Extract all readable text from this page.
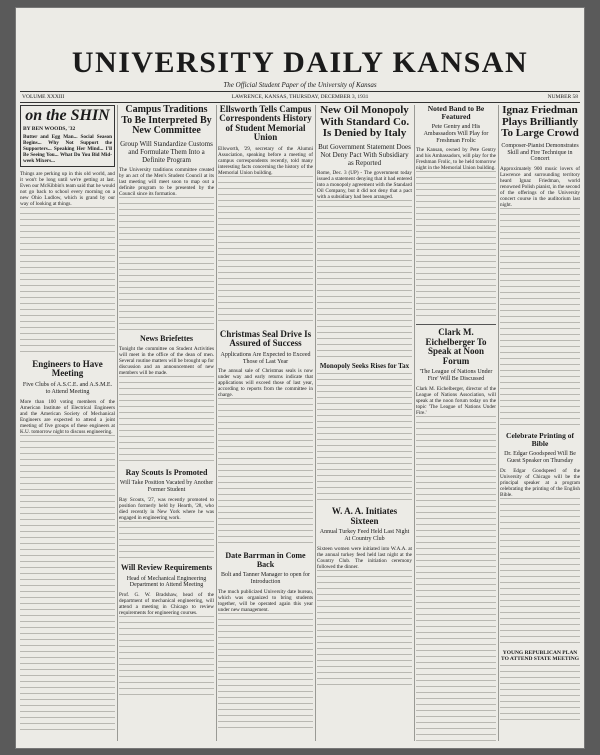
UNIVERSITY DAILY KANSAN
The Official Student Paper of the University of Kansas
VOLUME XXXIII	LAWRENCE, KANSAS, THURSDAY, DECEMBER 3, 1931	NUMBER 58
on the SHIN
BY BEN WOODS, '32

Butter and Egg Man... Social Season Begins... Why Not Support the Supporters... Speaking Her Mind... I'll Be Seeing You... What Do You Bid Mid-week Mixers...

Things are perking up in this old world, and it won't be long until we're getting at last. Even our McKibbin's team said that he would not go back to school every morning on a new Ohio Ludlow, which is grand by our way of looking at things.

Engineers to Have Meeting
Five Clubs of A.S.C.E. and A.S.M.E. to Attend Meeting

More than 100 voting members of the American Institute of Electrical Engineers and the American Society of Mechanical Engineers are expected to attend a joint meeting of five groups of these engineers at K.U. tomorrow night to discuss engineering.

Campus Traditions To Be Interpreted By New Committee
Group Will Standardize Customs and Formulate Them Into a Definite Program

The University traditions committee created by an act of the Men's Student Council at its last meeting will meet soon to map out a definite program to be presented by the Council since its formation.

News Briefettes

Tonight the committee on Student Activities will meet in the office of the dean of men. Several routine matters will be brought up for discussion and an announcement of new members will be made.

Ray Scouts Is Promoted
Will Take Position Vacated by Another Former Student

Ray Scouts, '27, was recently promoted to position formerly held by Hearth, '28, who died recently in New York where he was engaged in engineering work.

Will Review Requirements
Head of Mechanical Engineering Department to Attend Meeting

Prof. G. W. Bradshaw, head of the department of mechanical engineering, will attend a meeting in Chicago to review requirements for engineering courses.

Ellsworth Tells Campus Correspondents History of Student Memorial Union

Ellsworth, '29, secretary of the Alumni Association, speaking before a meeting of campus correspondents recently, told many interesting facts concerning the history of the Memorial Union building.

Christmas Seal Drive Is Assured of Success
Applications Are Expected to Exceed Those of Last Year

The annual sale of Christmas seals is now under way and early returns indicate that applications will exceed those of last year, according to reports from the committee in charge.

Date Barrman in Come Back
Bolt and Tanner Manager to open for Introduction

The much publicized University date bureau, which was organized to bring students together, will be operated again this year under new management.

New Oil Monopoly With Standard Co. Is Denied by Italy
But Government Statement Does Not Deny Pact With Subsidiary as Reported

Rome, Dec. 3 (UP) - The government today issued a statement denying that it had entered into a monopoly agreement with the Standard Oil Company, but it did not deny that a pact with a subsidiary had been arranged.

Monopoly Seeks Rises for Tax
W. A. A. Initiates Sixteen
Annual Turkey Feed Held Last Night At Country Club

Sixteen women were initiated into W.A.A. at the annual turkey feed held last night at the Country Club. The initiation ceremony followed the dinner.

Noted Band to Be Featured
Pete Gentry and His Ambassadors Will Play for Freshman Frolic

The Kansan, owned by Pete Gentry and his Ambassadors, will play for the Freshman Frolic, to be held tomorrow night in the Memorial Union building.

Clark M. Eichelberger To Speak at Noon Forum
'The League of Nations Under Fire' Will Be Discussed

Clark M. Eichelberger, director of the League of Nations Association, will speak at the noon forum today on the topic 'The League of Nations Under Fire.'

Ignaz Friedman Plays Brilliantly To Large Crowd
Composer-Pianist Demonstrates Skill and Fire Technique in Concert

Approximately 900 music lovers of Lawrence and surrounding territory heard Ignaz Friedman, world renowned Polish pianist, in the second of the offerings of the University concert course in the auditorium last night.

Celebrate Printing of Bible
Dr. Edgar Goodspeed Will Be Guest Speaker on Thursday

Dr. Edgar Goodspeed of the University of Chicago will be the principal speaker at a program celebrating the printing of the English Bible.

YOUNG REPUBLICAN PLAN TO ATTEND STATE MEETING
